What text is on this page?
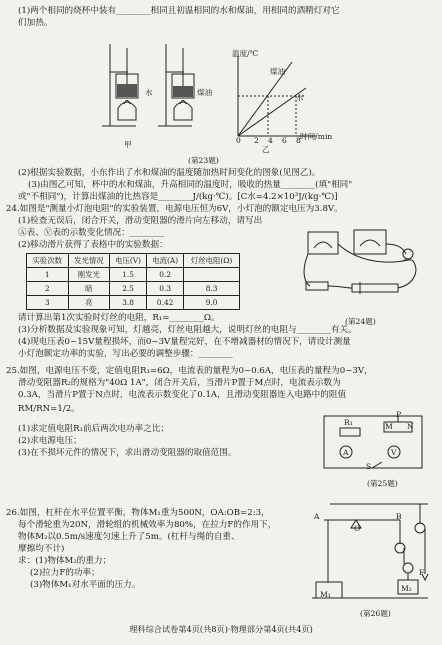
(1)两个相同的烧杯中装有________相同且初温相同的水和煤油，用相同的酒精灯对它
们加热。
水	煤油
甲
温度/℃
煤油
水
时间/min
0 2 4 6 8
乙
(第23题)
(2)根据实验数据，小东作出了水和煤油的温度随加热时间变化的图象(见图乙)。
(3)由图乙可知，杯中的水和煤油，升高相同的温度时，吸收的热量________(填"相同"
或"不相同")，计算出煤油的比热容是________J/(kg·℃)。[C水=4.2×10³J/(kg·℃)]
24.如图是"测量小灯泡电阻"的实验装置，电源电压恒为6V，小灯泡的额定电压为3.8V。
(1)检查无误后，闭合开关，滑动变阻器的滑片向左移动，请写出
Ⓐ表、Ⓥ表的示数变化情况：________
(2)移动滑片获得了表格中的实验数据：
实验次数	发光情况	电压(V)	电流(A)	灯丝电阻(Ω)
1	刚发光	1.5	0.2	
2	暗	2.5	0.3	8.3
3	亮	3.8	0.42	9.0
(第24题)
请计算出第1次实验时灯丝的电阻，R₁=________Ω。
(3)分析数据及实验现象可知，灯越亮，灯丝电阻越大，说明灯丝的电阻与________有关。
(4)现电压表0~15V量程损坏，而0~3V量程完好，在不增减器材的情况下，请设计测量
小灯泡额定功率的实验，写出必要的调整步骤：________
25.如图，电源电压不变，定值电阻R₁=6Ω，电流表的量程为0~0.6A，电压表的量程为0~3V，
滑动变阻器R₂的规格为"40Ω 1A"，闭合开关后，当滑片P置于M点时，电流表示数为
0.3A，当滑片P置于N点时，电流表示数变化了0.1A，且滑动变阻器连入电路中的阻值
RM/RN=1/2。
(1)求定值电阻R₁前后两次电功率之比；
(2)求电源电压；
(3)在不损坏元件的情况下，求出滑动变阻器的取值范围。
R₁
A	V
M N
P
S
(第25题)
26.如图，杠杆在水平位置平衡，物体M₁重为500N，OA:OB=2:3，
每个滑轮重为20N，滑轮组的机械效率为80%，在拉力F的作用下，
物体M₂以0.5m/s速度匀速上升了5m。(杠杆与绳的自重、
摩擦均不计)
求：(1)物体M₂的重力；
(2)拉力F的功率；
(3)物体M₁对水平面的压力。
A
O
B
M₁
M₂
F
(第26题)
理科综合试卷第4页(共8页)·物理部分第4页(共4页)
